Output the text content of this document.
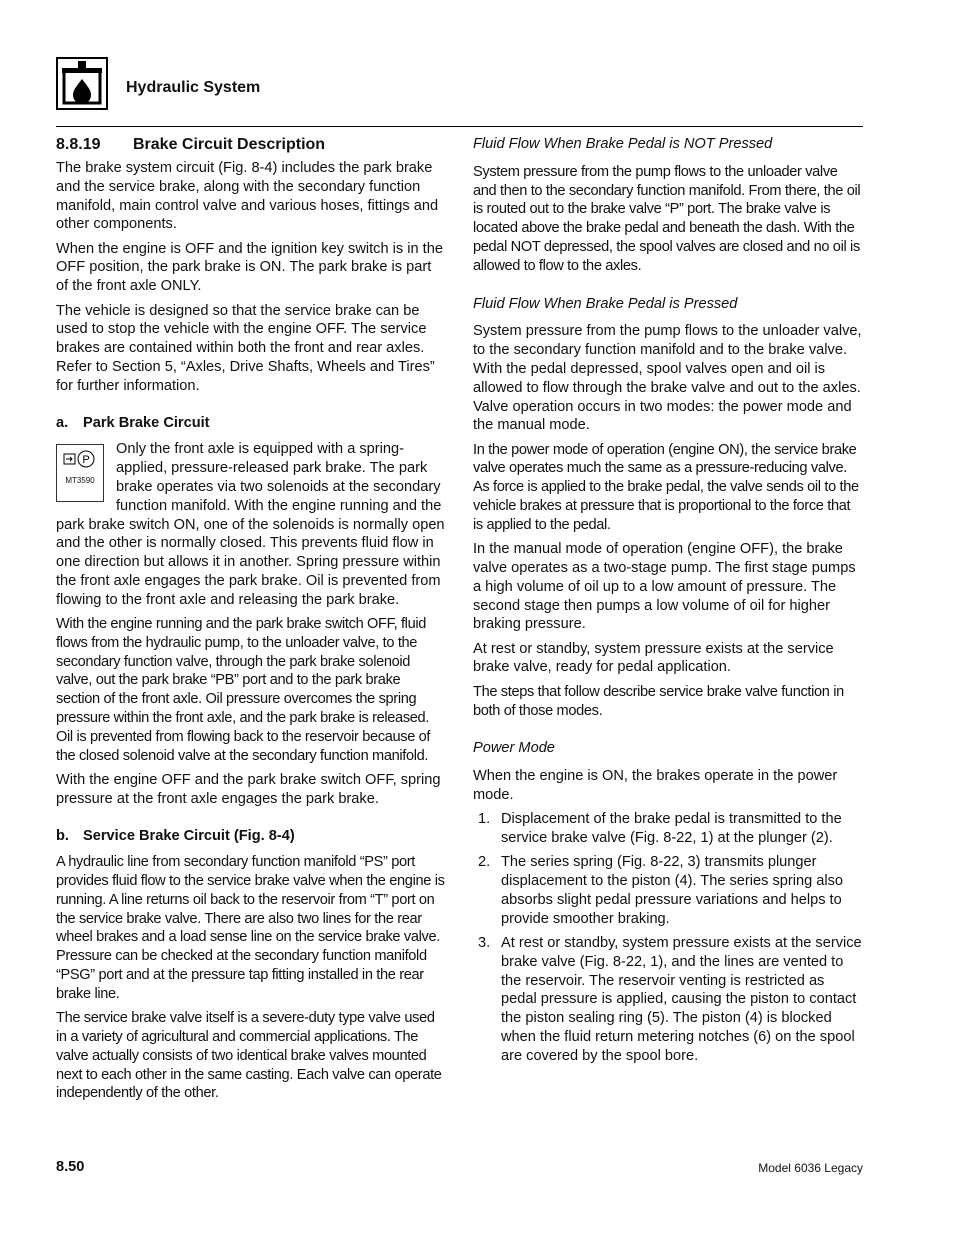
Hydraulic System
8.8.19 Brake Circuit Description

The brake system circuit (Fig. 8-4) includes the park brake and the service brake, along with the secondary function manifold, main control valve and various hoses, fittings and other components.

When the engine is OFF and the ignition key switch is in the OFF position, the park brake is ON. The park brake is part of the front axle ONLY.

The vehicle is designed so that the service brake can be used to stop the vehicle with the engine OFF. The service brakes are contained within both the front and rear axles. Refer to Section 5, “Axles, Drive Shafts, Wheels and Tires” for further information.

a. Park Brake Circuit
P
MT3590

Only the front axle is equipped with a spring-applied, pressure-released park brake. The park brake operates via two solenoids at the secondary function manifold. With the engine running and the park brake switch ON, one of the solenoids is normally open and the other is normally closed. This prevents fluid flow in one direction but allows it in another. Spring pressure within the front axle engages the park brake. Oil is prevented from flowing to the front axle and releasing the park brake.

With the engine running and the park brake switch OFF, fluid flows from the hydraulic pump, to the unloader valve, to the secondary function valve, through the park brake solenoid valve, out the park brake “PB” port and to the park brake section of the front axle. Oil pressure overcomes the spring pressure within the front axle, and the park brake is released. Oil is prevented from flowing back to the reservoir because of the closed solenoid valve at the secondary function manifold.

With the engine OFF and the park brake switch OFF, spring pressure at the front axle engages the park brake.

b. Service Brake Circuit (Fig. 8-4)

A hydraulic line from secondary function manifold “PS” port provides fluid flow to the service brake valve when the engine is running. A line returns oil back to the reservoir from “T” port on the service brake valve. There are also two lines for the rear wheel brakes and a load sense line on the service brake valve. Pressure can be checked at the secondary function manifold “PSG” port and at the pressure tap fitting installed in the rear brake line.

The service brake valve itself is a severe-duty type valve used in a variety of agricultural and commercial applications. The valve actually consists of two identical brake valves mounted next to each other in the same casting. Each valve can operate independently of the other.

Fluid Flow When Brake Pedal is NOT Pressed

System pressure from the pump flows to the unloader valve and then to the secondary function manifold. From there, the oil is routed out to the brake valve “P” port. The brake valve is located above the brake pedal and beneath the dash. With the pedal NOT depressed, the spool valves are closed and no oil is allowed to flow to the axles.

Fluid Flow When Brake Pedal is Pressed

System pressure from the pump flows to the unloader valve, to the secondary function manifold and to the brake valve. With the pedal depressed, spool valves open and oil is allowed to flow through the brake valve and out to the axles. Valve operation occurs in two modes: the power mode and the manual mode.

In the power mode of operation (engine ON), the service brake valve operates much the same as a pressure-reducing valve. As force is applied to the brake pedal, the valve sends oil to the vehicle brakes at pressure that is proportional to the force that is applied to the pedal.

In the manual mode of operation (engine OFF), the brake valve operates as a two-stage pump. The first stage pumps a high volume of oil up to a low amount of pressure. The second stage then pumps a low volume of oil for higher braking pressure.

At rest or standby, system pressure exists at the service brake valve, ready for pedal application.

The steps that follow describe service brake valve function in both of those modes.

Power Mode

When the engine is ON, the brakes operate in the power mode.

1. Displacement of the brake pedal is transmitted to the service brake valve (Fig. 8-22, 1) at the plunger (2).
2. The series spring (Fig. 8-22, 3) transmits plunger displacement to the piston (4). The series spring also absorbs slight pedal pressure variations and helps to provide smoother braking.
3. At rest or standby, system pressure exists at the service brake valve (Fig. 8-22, 1), and the lines are vented to the reservoir. The reservoir venting is restricted as pedal pressure is applied, causing the piston to contact the piston sealing ring (5). The piston (4) is blocked when the fluid return metering notches (6) on the spool are covered by the spool bore.
8.50	Model 6036 Legacy
